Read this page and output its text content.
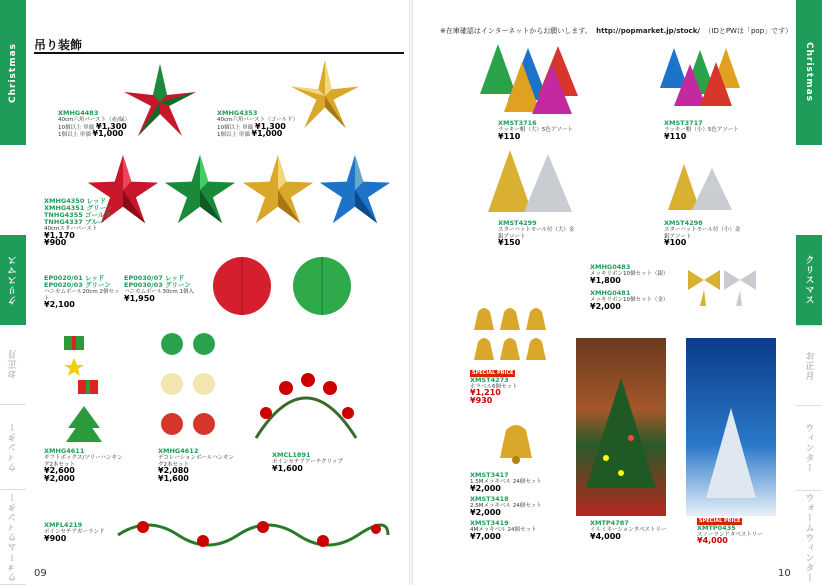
Christmas
クリスマス
お正月
ウィンター
ウォームウィンター
Christmas
クリスマス
お正月
ウィンター
ウォームウィンター
吊り装飾
※在庫確認はインターネットからお願いします。 http://popmarket.jp/stock/ （IDとPWは「pop」です）
XMHG4483
40cm六角バースト（赤/緑）
10個以上 単価 ¥1,300
1個以上 単価 ¥1,000
XMHG4353
40cm六角バースト（ゴールド）
10個以上 単価 ¥1,300
1個以上 単価 ¥1,000
XMHG4350 レッド
XMHG4351 グリーン
TNHG4355 ゴールド
TNHG4337 ブルー
40cmスターバースト
¥1,170
¥900
EP0020/01 レッド
EP0020/03 グリーン
ハニカムボール20cm 2個セット
¥2,100
EP0030/07 レッド
EP0030/03 グリーン
ハニカムボール30cm 1個入
¥1,950
XMHG4611
ギフトボックス/ツリーハンギング2本セット
¥2,600
¥2,000
XMHG4612
デコレーションボールハンギング2本セット
¥2,080
¥1,600
XMCL1891
ポインセチアアーチクリップ
¥1,600
XMFL4219
ポインセチアガーランド
¥900
XMST3716
ラッキー帽（大）5色アソート
¥110
XMST3717
ラッキー帽（小）5色アソート
¥110
XMST4299
スターハットモール付（大）金銀アソート
¥150
XMST4298
スターハットモール付（小）金銀アソート
¥100
XMHG0483
メッキリボン10個セット（銀）
¥1,800
XMHG0481
メッキリボン10個セット（金）
¥2,000
SPECIAL PRICE
XMST4273
ホラベル6個セット
¥1,210
¥930
XMST3417
1.5Mメッキベル 24個セット
¥2,000
XMST3418
2.5Mメッキベル 24個セット
¥2,000
XMST3419
4Mメッキベル 24個セット
¥7,000
XMTP4787
イルミネーションタペストリー
¥4,000
SPECIAL PRICE
XMTP0435
スノーランドタペストリー
¥4,000
09	10
